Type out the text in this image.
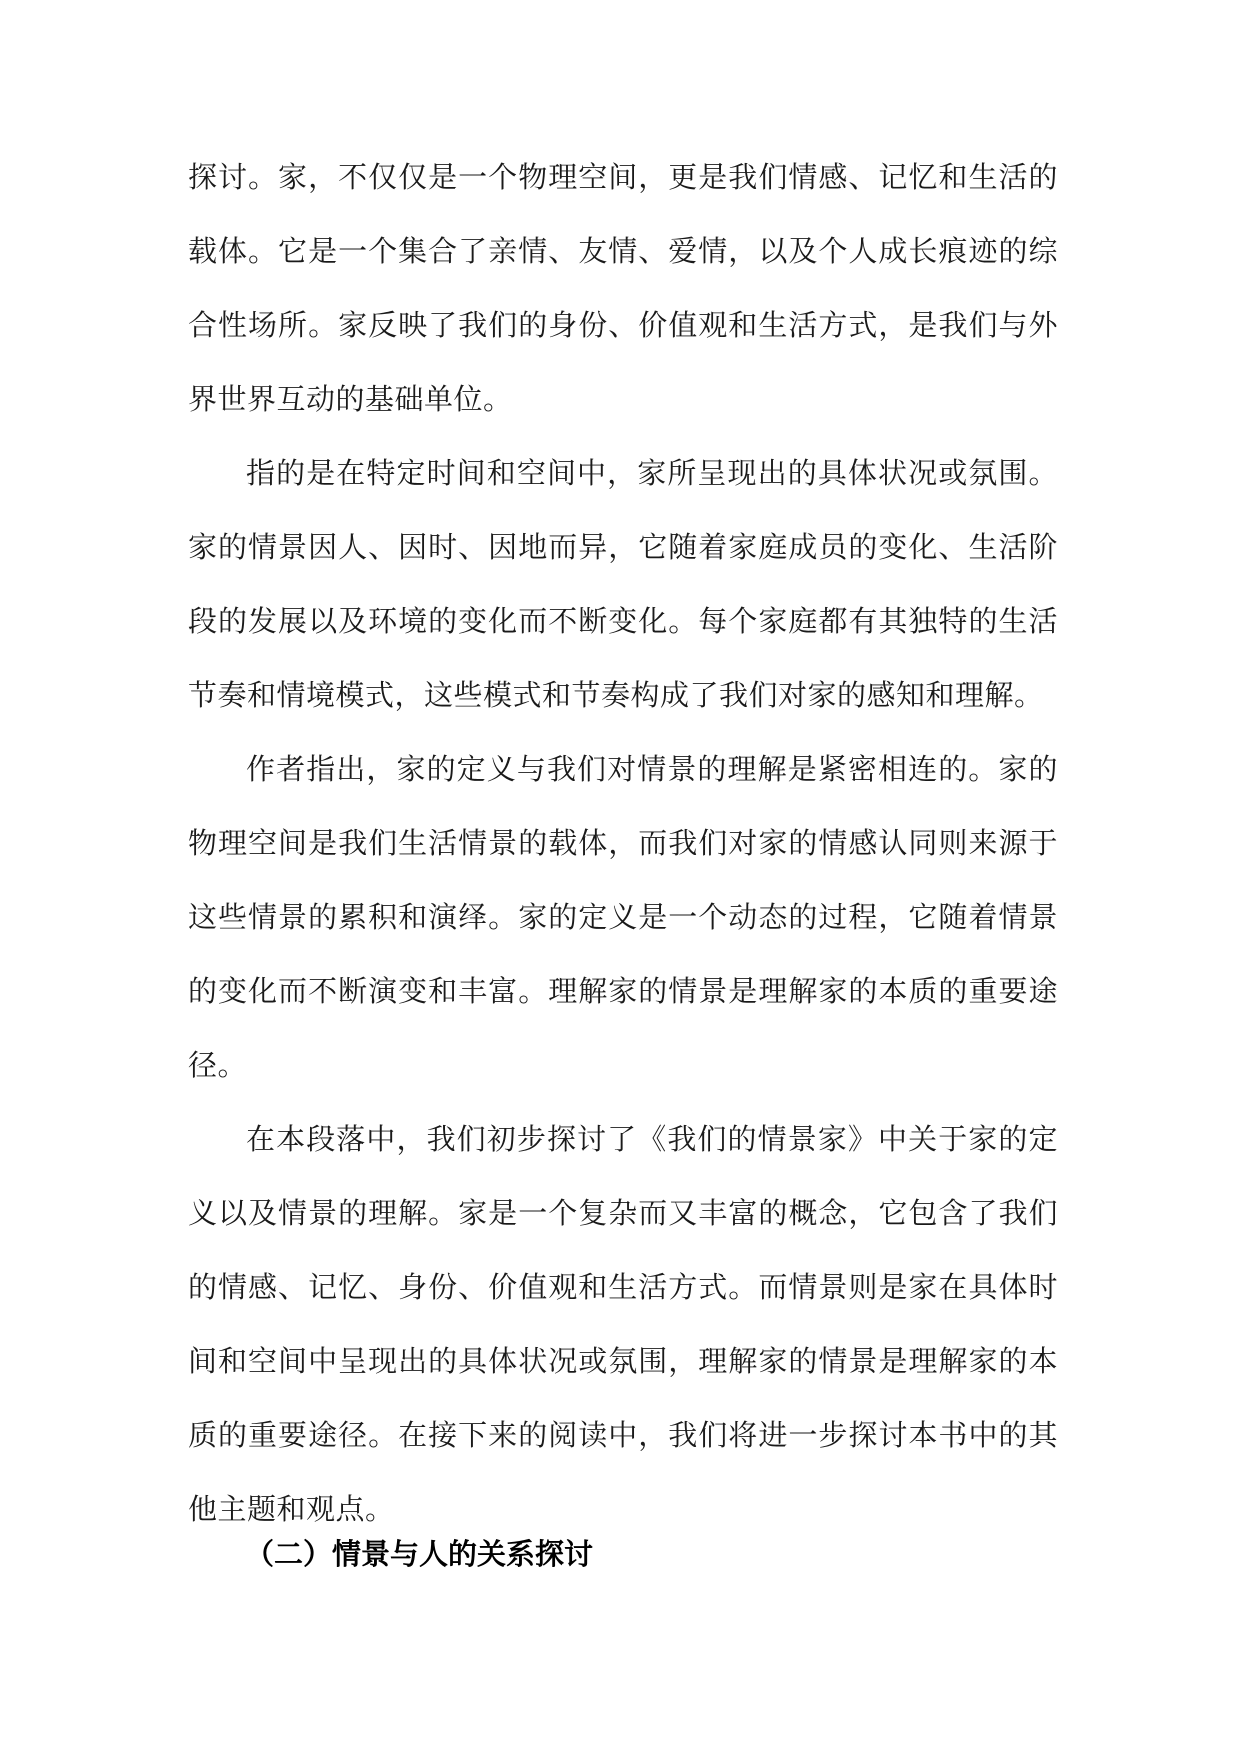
探讨。家，不仅仅是一个物理空间，更是我们情感、记忆和生活的载体。它是一个集合了亲情、友情、爱情，以及个人成长痕迹的综合性场所。家反映了我们的身份、价值观和生活方式，是我们与外界世界互动的基础单位。

指的是在特定时间和空间中，家所呈现出的具体状况或氛围。家的情景因人、因时、因地而异，它随着家庭成员的变化、生活阶段的发展以及环境的变化而不断变化。每个家庭都有其独特的生活节奏和情境模式，这些模式和节奏构成了我们对家的感知和理解。

作者指出，家的定义与我们对情景的理解是紧密相连的。家的物理空间是我们生活情景的载体，而我们对家的情感认同则来源于这些情景的累积和演绎。家的定义是一个动态的过程，它随着情景的变化而不断演变和丰富。理解家的情景是理解家的本质的重要途径。

在本段落中，我们初步探讨了《我们的情景家》中关于家的定义以及情景的理解。家是一个复杂而又丰富的概念，它包含了我们的情感、记忆、身份、价值观和生活方式。而情景则是家在具体时间和空间中呈现出的具体状况或氛围，理解家的情景是理解家的本质的重要途径。在接下来的阅读中，我们将进一步探讨本书中的其他主题和观点。

（二）情景与人的关系探讨
